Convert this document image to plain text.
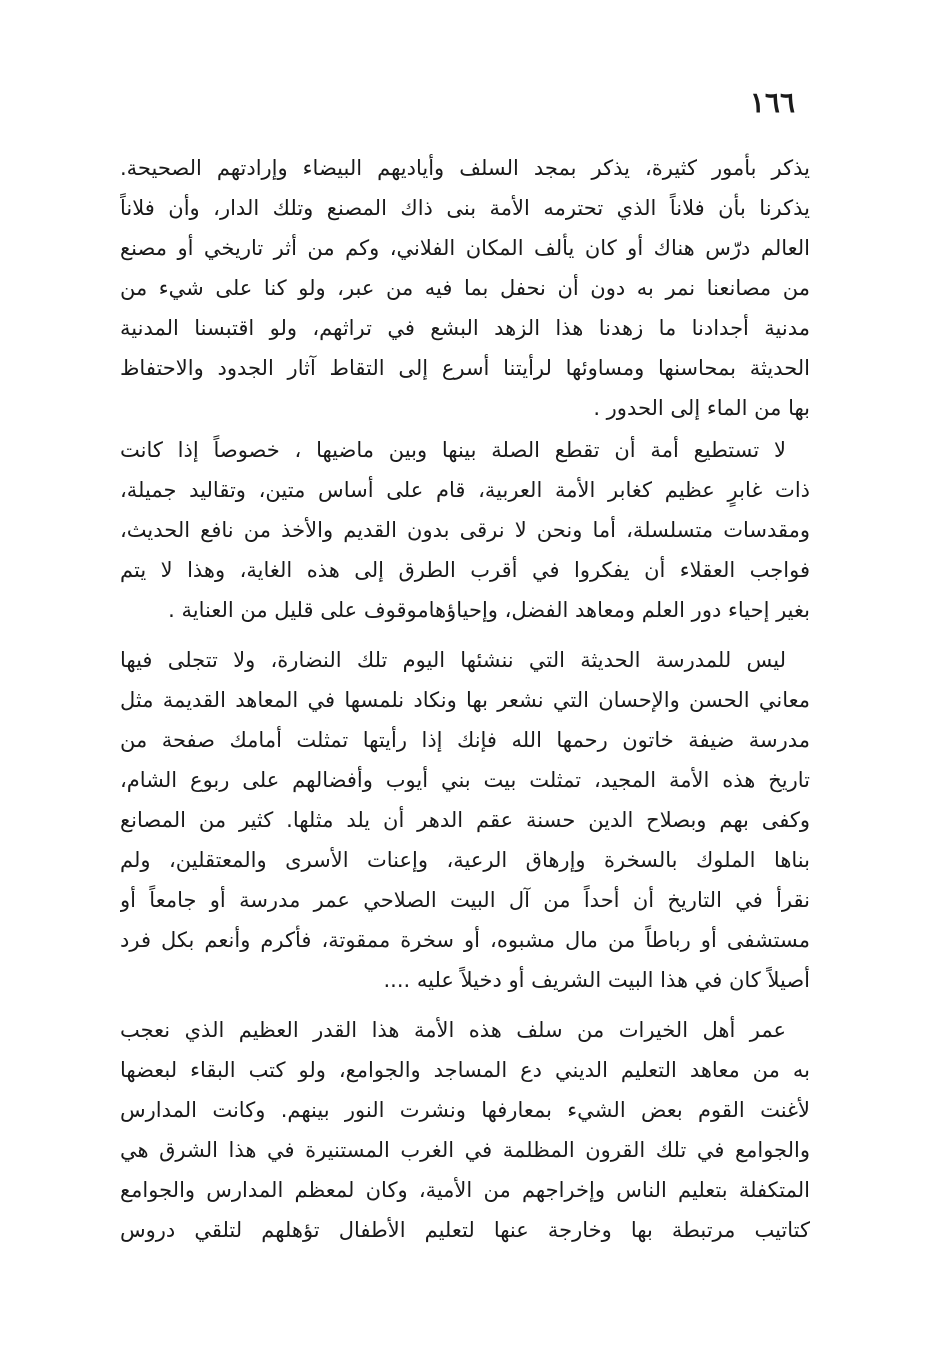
١٦٦
يذكر بأمور كثيرة، يذكر بمجد السلف وأياديهم البيضاء وإرادتهم الصحيحة.
يذكرنا بأن فلاناً الذي تحترمه الأمة بنى ذاك المصنع وتلك الدار، وأن فلاناً
العالم درّس هناك أو كان يألف المكان الفلاني، وكم من أثر تاريخي أو مصنع
من مصانعنا نمر به دون أن نحفل بما فيه من عبر، ولو كنا على شيء من
مدنية أجدادنا ما زهدنا هذا الزهد البشع في تراثهم، ولو اقتبسنا المدنية
الحديثة بمحاسنها ومساوئها لرأيتنا أسرع إلى التقاط آثار الجدود والاحتفاظ
بها من الماء إلى الحدور .
لا تستطيع أمة أن تقطع الصلة بينها وبين ماضيها ، خصوصاً إذا كانت
ذات غابرٍ عظيم كغابر الأمة العربية، قام على أساس متين، وتقاليد جميلة،
ومقدسات متسلسلة، أما ونحن لا نرقى بدون القديم والأخذ من نافع الحديث،
فواجب العقلاء أن يفكروا في أقرب الطرق إلى هذه الغاية، وهذا لا يتم
بغير إحياء دور العلم ومعاهد الفضل، وإحياؤهاموقوف على قليل من العناية .
ليس للمدرسة الحديثة التي ننشئها اليوم تلك النضارة، ولا تتجلى فيها
معاني الحسن والإحسان التي نشعر بها ونكاد نلمسها في المعاهد القديمة مثل
مدرسة ضيفة خاتون رحمها الله فإنك إذا رأيتها تمثلت أمامك صفحة من
تاريخ هذه الأمة المجيد، تمثلت بيت بني أيوب وأفضالهم على ربوع الشام،
وكفى بهم وبصلاح الدين حسنة عقم الدهر أن يلد مثلها. كثير من المصانع
بناها الملوك بالسخرة وإرهاق الرعية، وإعنات الأسرى والمعتقلين، ولم
نقرأ في التاريخ أن أحداً من آل البيت الصلاحي عمر مدرسة أو جامعاً أو
مستشفى أو رباطاً من مال مشبوه، أو سخرة ممقوتة، فأكرم وأنعم بكل فرد
أصيلاً كان في هذا البيت الشريف أو دخيلاً عليه ....
عمر أهل الخيرات من سلف هذه الأمة هذا القدر العظيم الذي نعجب
به من معاهد التعليم الديني دع المساجد والجوامع، ولو كتب البقاء لبعضها
لأغنت القوم بعض الشيء بمعارفها ونشرت النور بينهم. وكانت المدارس
والجوامع في تلك القرون المظلمة في الغرب المستنيرة في هذا الشرق هي
المتكفلة بتعليم الناس وإخراجهم من الأمية، وكان لمعظم المدارس والجوامع
كتاتيب مرتبطة بها وخارجة عنها لتعليم الأطفال تؤهلهم لتلقي دروس
